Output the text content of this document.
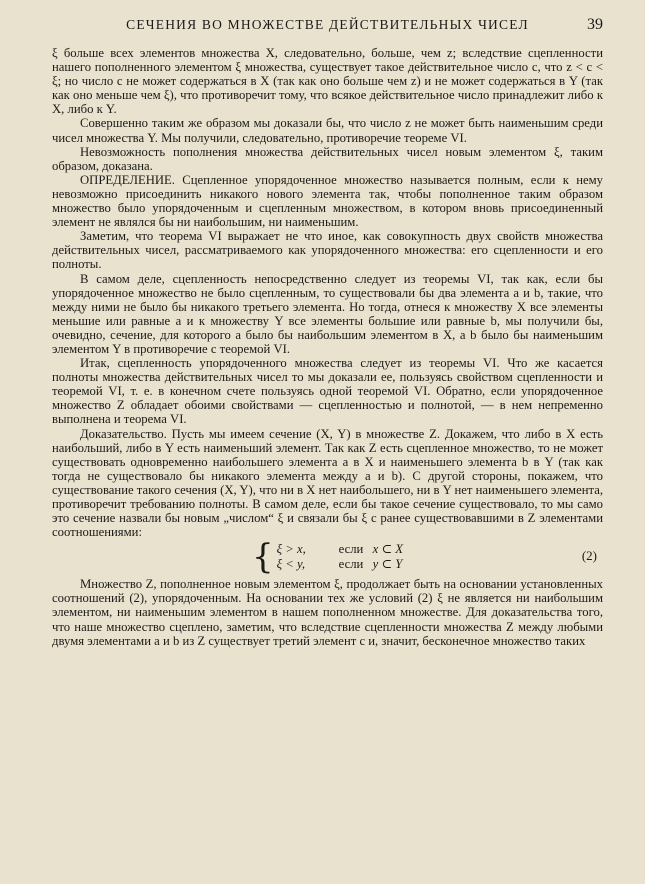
СЕЧЕНИЯ ВО МНОЖЕСТВЕ ДЕЙСТВИТЕЛЬНЫХ ЧИСЕЛ	39

ξ больше всех элементов множества X, следовательно, больше, чем z; вследствие сцепленности нашего пополненного элементом ξ множества, существует такое действительное число c, что z < c < ξ; но число c не может содержаться в X (так как оно больше чем z) и не может содержаться в Y (так как оно меньше чем ξ), что противоречит тому, что всякое действительное число принадлежит либо к X, либо к Y.

Совершенно таким же образом мы доказали бы, что число z не может быть наименьшим среди чисел множества Y. Мы получили, следовательно, противоречие теореме VI.

Невозможность пополнения множества действительных чисел новым элементом ξ, таким образом, доказана.

ОПРЕДЕЛЕНИЕ. Сцепленное упорядоченное множество называется полным, если к нему невозможно присоединить никакого нового элемента так, чтобы пополненное таким образом множество было упорядоченным и сцепленным множеством, в котором вновь присоединенный элемент не являлся бы ни наибольшим, ни наименьшим.

Заметим, что теорема VI выражает не что иное, как совокупность двух свойств множества действительных чисел, рассматриваемого как упорядоченного множества: его сцепленности и его полноты.

В самом деле, сцепленность непосредственно следует из теоремы VI, так как, если бы упорядоченное множество не было сцепленным, то существовали бы два элемента a и b, такие, что между ними не было бы никакого третьего элемента. Но тогда, отнеся к множеству X все элементы меньшие или равные a и к множеству Y все элементы большие или равные b, мы получили бы, очевидно, сечение, для которого a было бы наибольшим элементом в X, а b было бы наименьшим элементом Y в противоречие с теоремой VI.

Итак, сцепленность упорядоченного множества следует из теоремы VI. Что же касается полноты множества действительных чисел то мы доказали ее, пользуясь свойством сцепленности и теоремой VI, т. е. в конечном счете пользуясь одной теоремой VI. Обратно, если упорядоченное множество Z обладает обоими свойствами — сцепленностью и полнотой, — в нем непременно выполнена и теорема VI.

Доказательство. Пусть мы имеем сечение (X, Y) в множестве Z. Докажем, что либо в X есть наибольший, либо в Y есть наименьший элемент. Так как Z есть сцепленное множество, то не может существовать одновременно наибольшего элемента a в X и наименьшего элемента b в Y (так как тогда не существовало бы никакого элемента между a и b). С другой стороны, покажем, что существование такого сечения (X, Y), что ни в X нет наибольшего, ни в Y нет наименьшего элемента, противоречит требованию полноты. В самом деле, если бы такое сечение существовало, то мы само это сечение назвали бы новым „числом“ ξ и связали бы ξ с ранее существовавшими в Z элементами соотношениями:

{ ξ > x,	если x ⊂ X
ξ < y,	если y ⊂ Y
(2)

Множество Z, пополненное новым элементом ξ, продолжает быть на основании установленных соотношений (2), упорядоченным. На основании тех же условий (2) ξ не является ни наибольшим элементом, ни наименьшим элементом в нашем пополненном множестве. Для доказательства того, что наше множество сцеплено, заметим, что вследствие сцепленности множества Z между любыми двумя элементами a и b из Z существует третий элемент c и, значит, бесконечное множество таких
